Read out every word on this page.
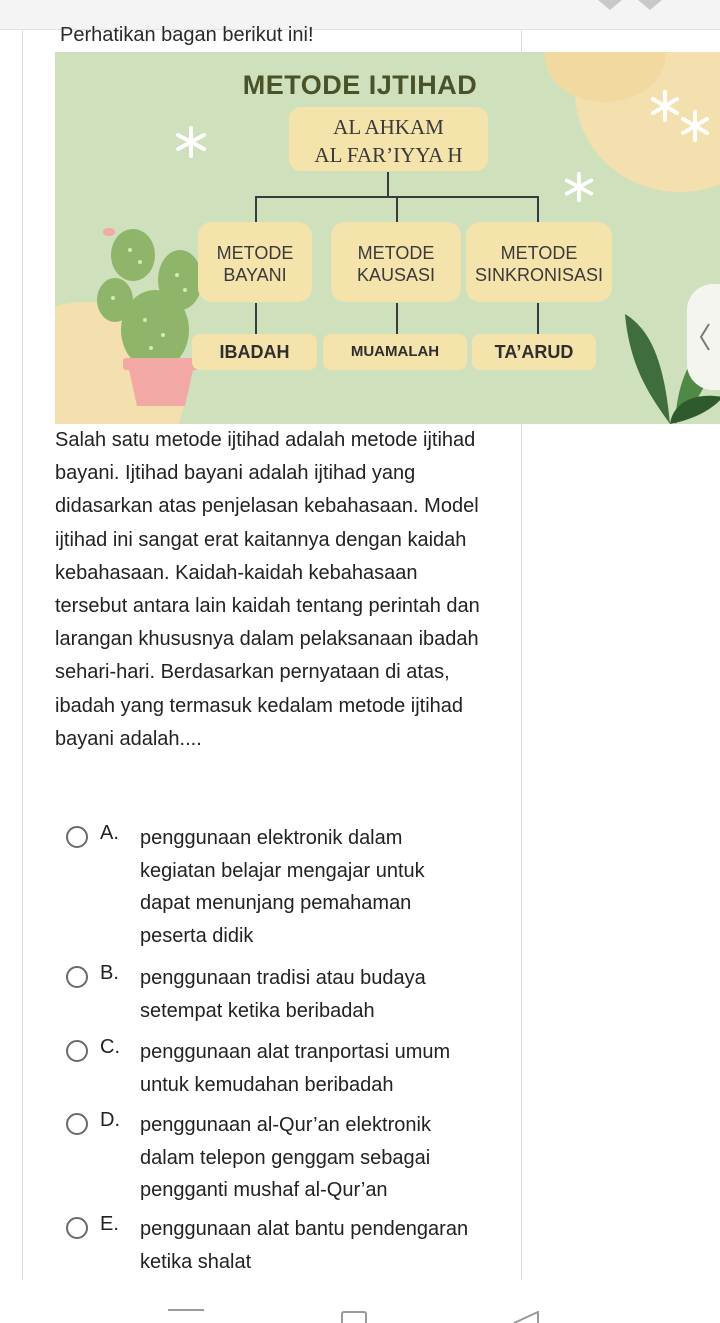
Perhatikan bagan berikut ini!
METODE IJTIHAD
AL AHKAM
AL FAR’IYYA H
METODE
BAYANI
METODE
KAUSASI
METODE
SINKRONISASI
IBADAH	MUAMALAH	TA’ARUD
Salah satu metode ijtihad adalah metode ijtihad bayani. Ijtihad bayani adalah ijtihad yang didasarkan atas penjelasan kebahasaan. Model ijtihad ini sangat erat kaitannya dengan kaidah kebahasaan. Kaidah-kaidah kebahasaan tersebut antara lain kaidah tentang perintah dan larangan khususnya dalam pelaksanaan ibadah sehari-hari. Berdasarkan pernyataan di atas, ibadah yang termasuk kedalam metode ijtihad bayani adalah....
A. penggunaan elektronik dalam kegiatan belajar mengajar untuk dapat menunjang pemahaman peserta didik
B. penggunaan tradisi atau budaya setempat ketika beribadah
C. penggunaan alat tranportasi umum untuk kemudahan beribadah
D. penggunaan al-Qur’an elektronik dalam telepon genggam sebagai pengganti mushaf al-Qur’an
E. penggunaan alat bantu pendengaran ketika shalat
